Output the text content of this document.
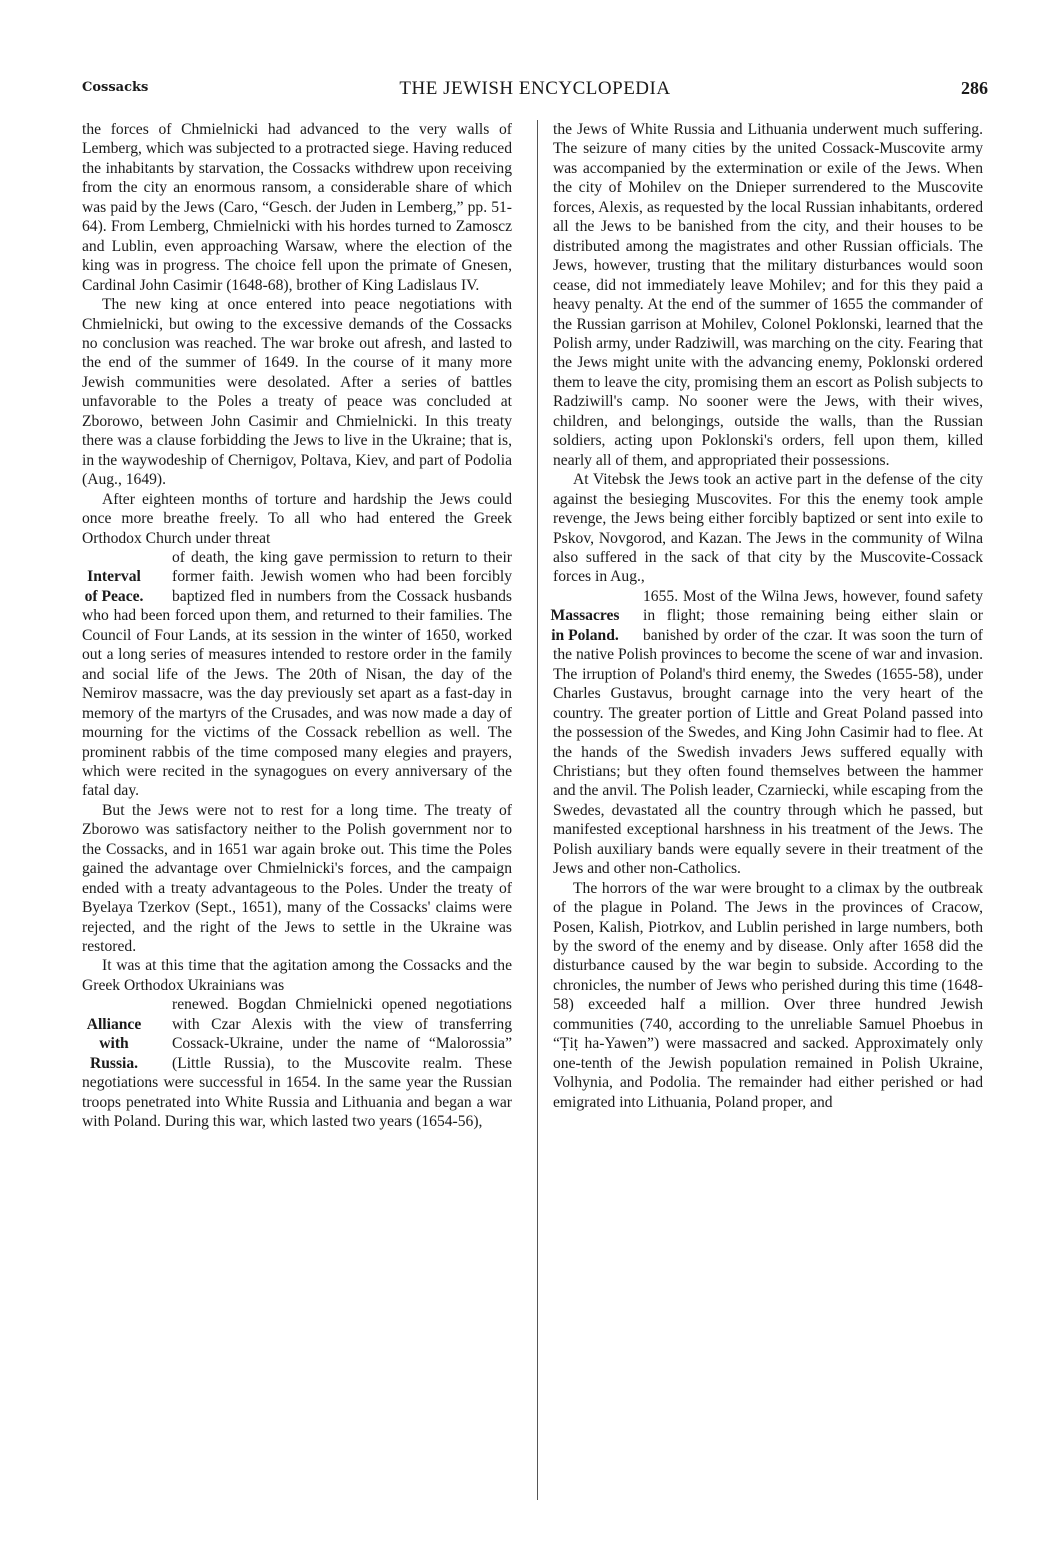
Cossacks	THE JEWISH ENCYCLOPEDIA	286

the forces of Chmielnicki had advanced to the very walls of Lemberg, which was subjected to a protracted siege. Having reduced the inhabitants by starvation, the Cossacks withdrew upon receiving from the city an enormous ransom, a considerable share of which was paid by the Jews (Caro, “Gesch. der Juden in Lemberg,” pp. 51-64). From Lemberg, Chmielnicki with his hordes turned to Zamoscz and Lublin, even approaching Warsaw, where the election of the king was in progress. The choice fell upon the primate of Gnesen, Cardinal John Casimir (1648-68), brother of King Ladislaus IV.

The new king at once entered into peace negotiations with Chmielnicki, but owing to the excessive demands of the Cossacks no conclusion was reached. The war broke out afresh, and lasted to the end of the summer of 1649. In the course of it many more Jewish communities were desolated. After a series of battles unfavorable to the Poles a treaty of peace was concluded at Zborowo, between John Casimir and Chmielnicki. In this treaty there was a clause forbidding the Jews to live in the Ukraine; that is, in the waywodeship of Chernigov, Poltava, Kiev, and part of Podolia (Aug., 1649).

After eighteen months of torture and hardship the Jews could once more breathe freely. To all who had entered the Greek Orthodox Church under threat

Interval
of Peace.
of death, the king gave permission to return to their former faith. Jewish women who had been forcibly baptized fled in numbers from the Cossack husbands who had been forced upon them, and returned to their families. The Council of Four Lands, at its session in the winter of 1650, worked out a long series of measures intended to restore order in the family and social life of the Jews. The 20th of Nisan, the day of the Nemirov massacre, was the day previously set apart as a fast-day in memory of the martyrs of the Crusades, and was now made a day of mourning for the victims of the Cossack rebellion as well. The prominent rabbis of the time composed many elegies and prayers, which were recited in the synagogues on every anniversary of the fatal day.

But the Jews were not to rest for a long time. The treaty of Zborowo was satisfactory neither to the Polish government nor to the Cossacks, and in 1651 war again broke out. This time the Poles gained the advantage over Chmielnicki's forces, and the campaign ended with a treaty advantageous to the Poles. Under the treaty of Byelaya Tzerkov (Sept., 1651), many of the Cossacks' claims were rejected, and the right of the Jews to settle in the Ukraine was restored.

It was at this time that the agitation among the Cossacks and the Greek Orthodox Ukrainians was

Alliance
with
Russia.
renewed. Bogdan Chmielnicki opened negotiations with Czar Alexis with the view of transferring Cossack-Ukraine, under the name of “Malorossia” (Little Russia), to the Muscovite realm. These negotiations were successful in 1654. In the same year the Russian troops penetrated into White Russia and Lithuania and began a war with Poland. During this war, which lasted two years (1654-56),

the Jews of White Russia and Lithuania underwent much suffering. The seizure of many cities by the united Cossack-Muscovite army was accompanied by the extermination or exile of the Jews. When the city of Mohilev on the Dnieper surrendered to the Muscovite forces, Alexis, as requested by the local Russian inhabitants, ordered all the Jews to be banished from the city, and their houses to be distributed among the magistrates and other Russian officials. The Jews, however, trusting that the military disturbances would soon cease, did not immediately leave Mohilev; and for this they paid a heavy penalty. At the end of the summer of 1655 the commander of the Russian garrison at Mohilev, Colonel Poklonski, learned that the Polish army, under Radziwill, was marching on the city. Fearing that the Jews might unite with the advancing enemy, Poklonski ordered them to leave the city, promising them an escort as Polish subjects to Radziwill's camp. No sooner were the Jews, with their wives, children, and belongings, outside the walls, than the Russian soldiers, acting upon Poklonski's orders, fell upon them, killed nearly all of them, and appropriated their possessions.

At Vitebsk the Jews took an active part in the defense of the city against the besieging Muscovites. For this the enemy took ample revenge, the Jews being either forcibly baptized or sent into exile to Pskov, Novgorod, and Kazan. The Jews in the community of Wilna also suffered in the sack of that city by the Muscovite-Cossack forces in Aug.,

Massacres
in Poland.
1655. Most of the Wilna Jews, however, found safety in flight; those remaining being either slain or banished by order of the czar. It was soon the turn of the native Polish provinces to become the scene of war and invasion. The irruption of Poland's third enemy, the Swedes (1655-58), under Charles Gustavus, brought carnage into the very heart of the country. The greater portion of Little and Great Poland passed into the possession of the Swedes, and King John Casimir had to flee. At the hands of the Swedish invaders Jews suffered equally with Christians; but they often found themselves between the hammer and the anvil. The Polish leader, Czarniecki, while escaping from the Swedes, devastated all the country through which he passed, but manifested exceptional harshness in his treatment of the Jews. The Polish auxiliary bands were equally severe in their treatment of the Jews and other non-Catholics.

The horrors of the war were brought to a climax by the outbreak of the plague in Poland. The Jews in the provinces of Cracow, Posen, Kalish, Piotrkov, and Lublin perished in large numbers, both by the sword of the enemy and by disease. Only after 1658 did the disturbance caused by the war begin to subside. According to the chronicles, the number of Jews who perished during this time (1648-58) exceeded half a million. Over three hundred Jewish communities (740, according to the unreliable Samuel Phoebus in “Ṭiṭ ha-Yawen”) were massacred and sacked. Approximately only one-tenth of the Jewish population remained in Polish Ukraine, Volhynia, and Podolia. The remainder had either perished or had emigrated into Lithuania, Poland proper, and
